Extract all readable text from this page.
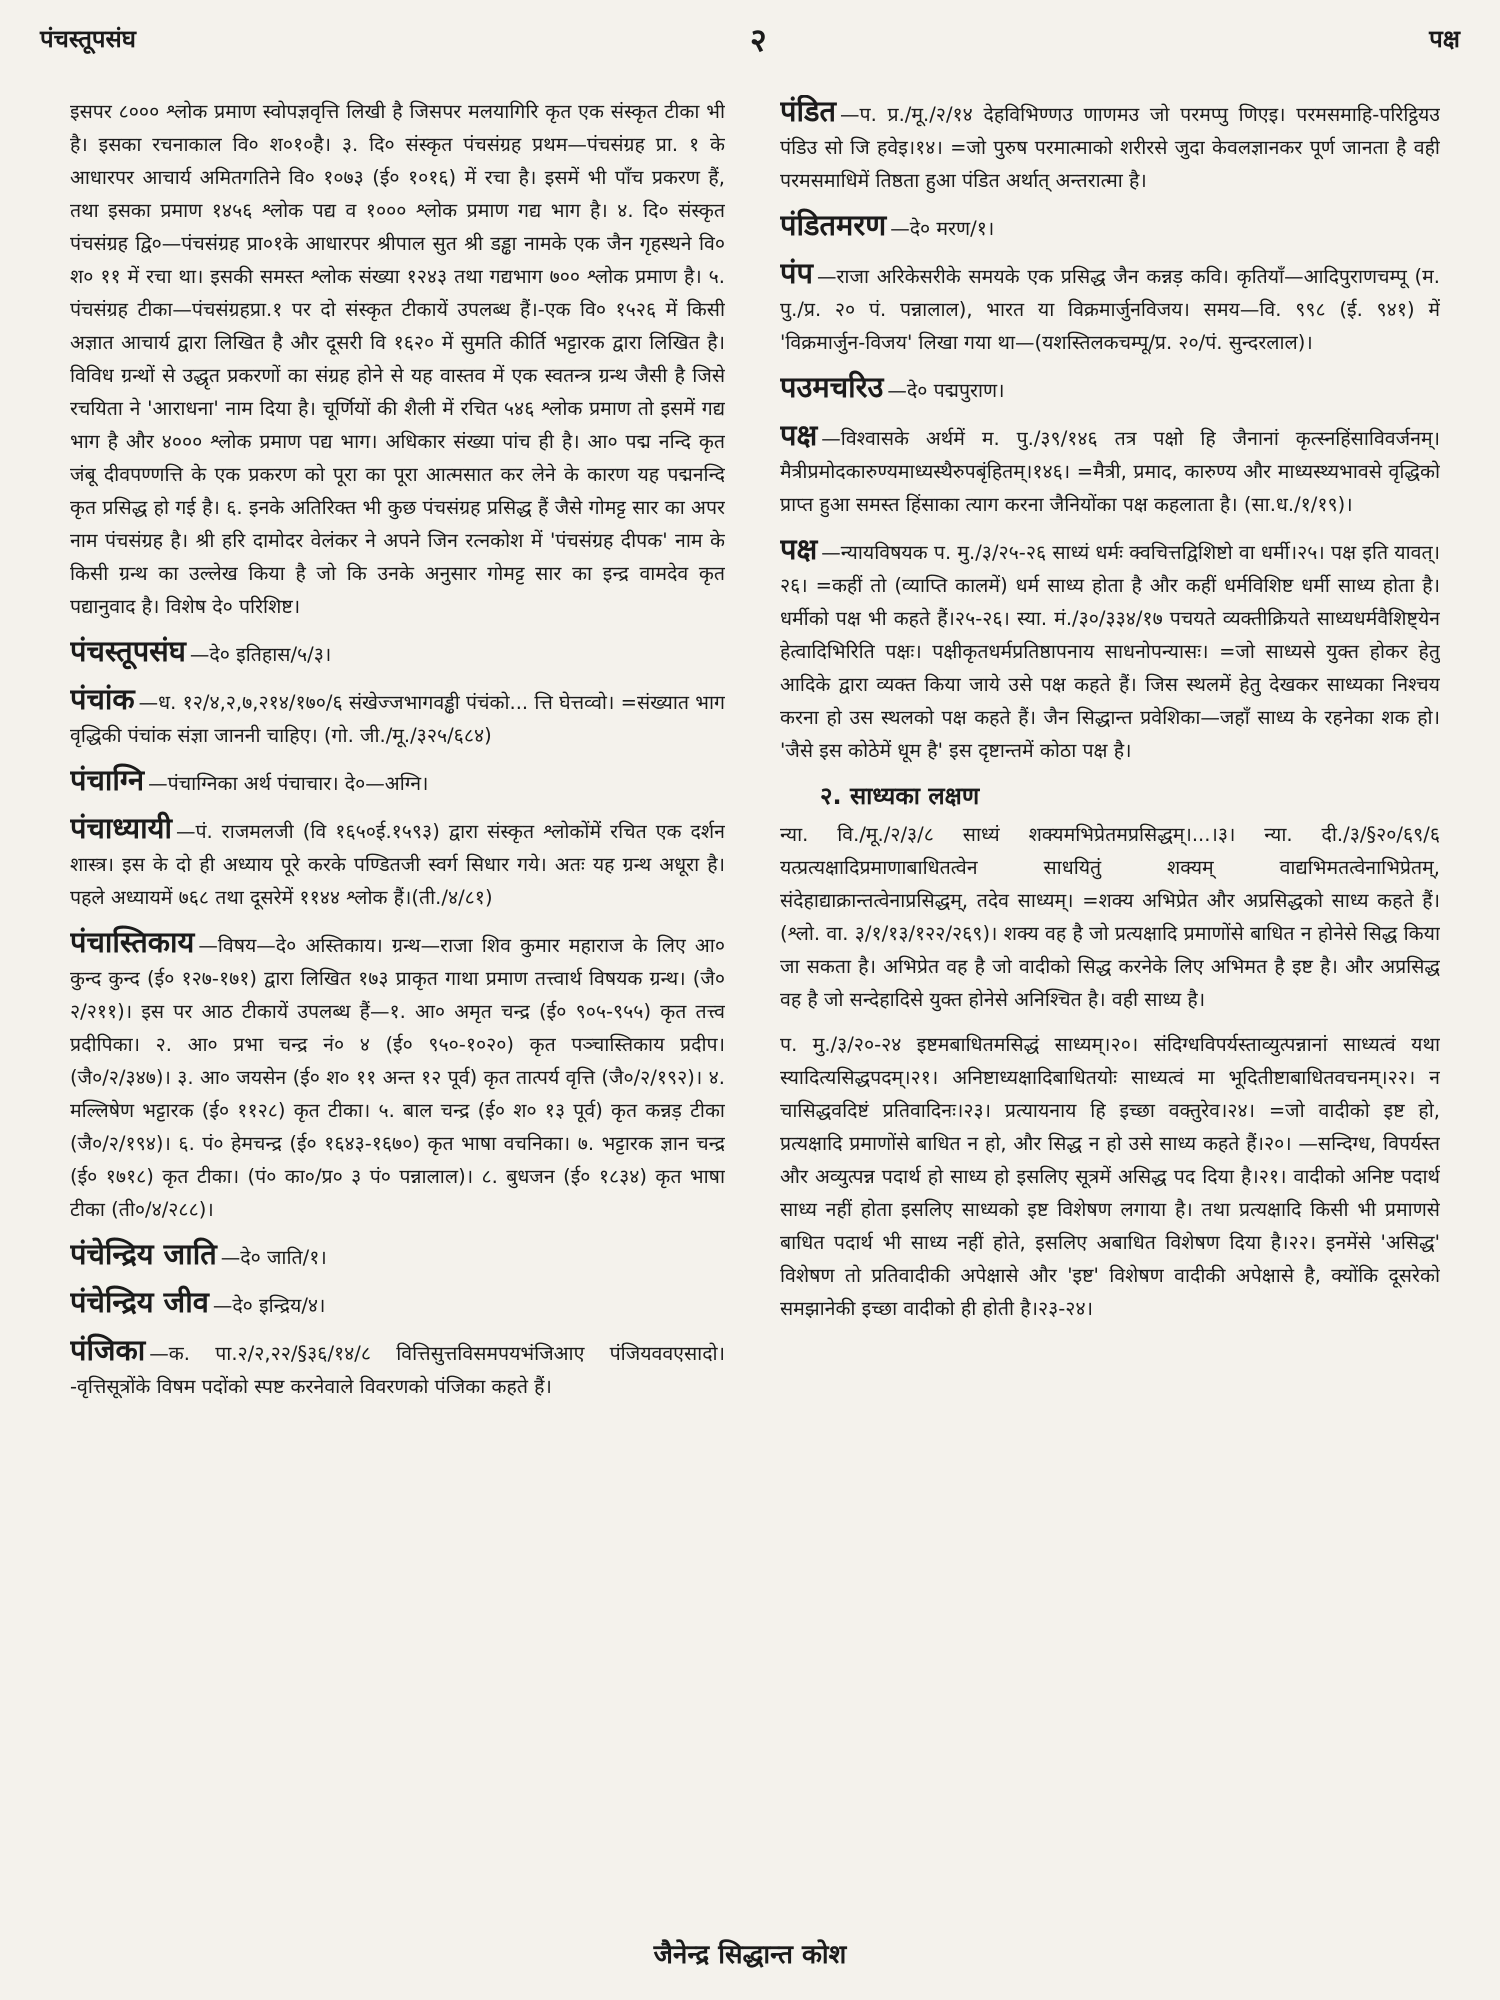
पंचस्तूपसंघ	२	पक्ष

इसपर ८००० श्लोक प्रमाण स्वोपज्ञवृत्ति लिखी है जिसपर मलयागिरि कृत एक संस्कृत टीका भी है। इसका रचनाकाल वि० श०१०है। ३. दि० संस्कृत पंचसंग्रह प्रथम—पंचसंग्रह प्रा. १ के आधारपर आचार्य अमितगतिने वि० १०७३ (ई० १०१६) में रचा है। इसमें भी पाँच प्रकरण हैं, तथा इसका प्रमाण १४५६ श्लोक पद्य व १००० श्लोक प्रमाण गद्य भाग है। ४. दि० संस्कृत पंचसंग्रह द्वि०—पंचसंग्रह प्रा०१के आधारपर श्रीपाल सुत श्री डड्ढा नामके एक जैन गृहस्थने वि० श० ११ में रचा था। इसकी समस्त श्लोक संख्या १२४३ तथा गद्यभाग ७०० श्लोक प्रमाण है। ५. पंचसंग्रह टीका—पंचसंग्रहप्रा.१ पर दो संस्कृत टीकायें उपलब्ध हैं।-एक वि० १५२६ में किसी अज्ञात आचार्य द्वारा लिखित है और दूसरी वि १६२० में सुमति कीर्ति भट्टारक द्वारा लिखित है। विविध ग्रन्थों से उद्धृत प्रकरणों का संग्रह होने से यह वास्तव में एक स्वतन्त्र ग्रन्थ जैसी है जिसे रचयिता ने 'आराधना' नाम दिया है। चूर्णियों की शैली में रचित ५४६ श्लोक प्रमाण तो इसमें गद्य भाग है और ४००० श्लोक प्रमाण पद्य भाग। अधिकार संख्या पांच ही है। आ० पद्म नन्दि कृत जंबू दीवपण्णत्ति के एक प्रकरण को पूरा का पूरा आत्मसात कर लेने के कारण यह पद्मनन्दि कृत प्रसिद्ध हो गई है। ६. इनके अतिरिक्त भी कुछ पंचसंग्रह प्रसिद्ध हैं जैसे गोमट्ट सार का अपर नाम पंचसंग्रह है। श्री हरि दामोदर वेलंकर ने अपने जिन रत्नकोश में 'पंचसंग्रह दीपक' नाम के किसी ग्रन्थ का उल्लेख किया है जो कि उनके अनुसार गोमट्ट सार का इन्द्र वामदेव कृत पद्यानुवाद है। विशेष दे० परिशिष्ट।

पंचस्तूपसंघ —दे० इतिहास/५/३।

पंचांक —ध. १२/४,२,७,२१४/१७०/६ संखेज्जभागवड्ढी पंचंको... त्ति घेत्तव्वो। =संख्यात भाग वृद्धिकी पंचांक संज्ञा जाननी चाहिए। (गो. जी./मू./३२५/६८४)

पंचाग्नि —पंचाग्निका अर्थ पंचाचार। दे०—अग्नि।

पंचाध्यायी —पं. राजमलजी (वि १६५०ई.१५९३) द्वारा संस्कृत श्लोकोंमें रचित एक दर्शन शास्त्र। इस के दो ही अध्याय पूरे करके पण्डितजी स्वर्ग सिधार गये। अतः यह ग्रन्थ अधूरा है। पहले अध्यायमें ७६८ तथा दूसरेमें ११४४ श्लोक हैं।(ती./४/८१)

पंचास्तिकाय —विषय—दे० अस्तिकाय। ग्रन्थ—राजा शिव कुमार महाराज के लिए आ० कुन्द कुन्द (ई० १२७-१७१) द्वारा लिखित १७३ प्राकृत गाथा प्रमाण तत्त्वार्थ विषयक ग्रन्थ। (जै० २/२११)। इस पर आठ टीकायें उपलब्ध हैं—१. आ० अमृत चन्द्र (ई० ९०५-९५५) कृत तत्त्व प्रदीपिका। २. आ० प्रभा चन्द्र नं० ४ (ई० ९५०-१०२०) कृत पञ्चास्तिकाय प्रदीप। (जै०/२/३४७)। ३. आ० जयसेन (ई० श० ११ अन्त १२ पूर्व) कृत तात्पर्य वृत्ति (जै०/२/१९२)। ४. मल्लिषेण भट्टारक (ई० ११२८) कृत टीका। ५. बाल चन्द्र (ई० श० १३ पूर्व) कृत कन्नड़ टीका (जै०/२/१९४)। ६. पं० हेमचन्द्र (ई० १६४३-१६७०) कृत भाषा वचनिका। ७. भट्टारक ज्ञान चन्द्र (ई० १७१८) कृत टीका। (पं० का०/प्र० ३ पं० पन्नालाल)। ८. बुधजन (ई० १८३४) कृत भाषा टीका (ती०/४/२८८)।

पंचेन्द्रिय जाति —दे० जाति/१।

पंचेन्द्रिय जीव —दे० इन्द्रिय/४।

पंजिका —क. पा.२/२,२२/§३६/१४/८ वित्तिसुत्तविसमपयभंजिआए पंजियववएसादो। -वृत्तिसूत्रोंके विषम पदोंको स्पष्ट करनेवाले विवरणको पंजिका कहते हैं।

पंडित —प. प्र./मू./२/१४ देहविभिण्णउ णाणमउ जो परमप्पु णिएइ। परमसमाहि-परिट्ठियउ पंडिउ सो जि हवेइ।१४। =जो पुरुष परमात्माको शरीरसे जुदा केवलज्ञानकर पूर्ण जानता है वही परमसमाधिमें तिष्ठता हुआ पंडित अर्थात् अन्तरात्मा है।

पंडितमरण —दे० मरण/१।

पंप —राजा अरिकेसरीके समयके एक प्रसिद्ध जैन कन्नड़ कवि। कृतियाँ—आदिपुराणचम्पू (म. पु./प्र. २० पं. पन्नालाल), भारत या विक्रमार्जुनविजय। समय—वि. ९९८ (ई. ९४१) में 'विक्रमार्जुन-विजय' लिखा गया था—(यशस्तिलकचम्पू/प्र. २०/पं. सुन्दरलाल)।

पउमचरिउ —दे० पद्मपुराण।

पक्ष —विश्वासके अर्थमें म. पु./३९/१४६ तत्र पक्षो हि जैनानां कृत्स्नहिंसाविवर्जनम्। मैत्रीप्रमोदकारुण्यमाध्यस्थैरुपबृंहितम्।१४६। =मैत्री, प्रमाद, कारुण्य और माध्यस्थ्यभावसे वृद्धिको प्राप्त हुआ समस्त हिंसाका त्याग करना जैनियोंका पक्ष कहलाता है। (सा.ध./१/१९)।

पक्ष —न्यायविषयक प. मु./३/२५-२६ साध्यं धर्मः क्वचित्तद्विशिष्टो वा धर्मी।२५। पक्ष इति यावत्।२६। =कहीं तो (व्याप्ति कालमें) धर्म साध्य होता है और कहीं धर्मविशिष्ट धर्मी साध्य होता है। धर्मीको पक्ष भी कहते हैं।२५-२६। स्या. मं./३०/३३४/१७ पचयते व्यक्तीक्रियते साध्यधर्मवैशिष्ट्येन हेत्वादिभिरिति पक्षः। पक्षीकृतधर्मप्रतिष्ठापनाय साधनोपन्यासः। =जो साध्यसे युक्त होकर हेतु आदिके द्वारा व्यक्त किया जाये उसे पक्ष कहते हैं। जिस स्थलमें हेतु देखकर साध्यका निश्चय करना हो उस स्थलको पक्ष कहते हैं। जैन सिद्धान्त प्रवेशिका—जहाँ साध्य के रहनेका शक हो। 'जैसे इस कोठेमें धूम है' इस दृष्टान्तमें कोठा पक्ष है।

२. साध्यका लक्षण

न्या. वि./मू./२/३/८ साध्यं शक्यमभिप्रेतमप्रसिद्धम्।...।३। न्या. दी./३/§२०/६९/६ यत्प्रत्यक्षादिप्रमाणाबाधितत्वेन साधयितुं शक्यम् वाद्यभिमतत्वेनाभिप्रेतम्, संदेहाद्याक्रान्तत्वेनाप्रसिद्धम्, तदेव साध्यम्। =शक्य अभिप्रेत और अप्रसिद्धको साध्य कहते हैं। (श्लो. वा. ३/१/१३/१२२/२६९)। शक्य वह है जो प्रत्यक्षादि प्रमाणोंसे बाधित न होनेसे सिद्ध किया जा सकता है। अभिप्रेत वह है जो वादीको सिद्ध करनेके लिए अभिमत है इष्ट है। और अप्रसिद्ध वह है जो सन्देहादिसे युक्त होनेसे अनिश्चित है। वही साध्य है।

प. मु./३/२०-२४ इष्टमबाधितमसिद्धं साध्यम्।२०। संदिग्धविपर्यस्ताव्युत्पन्नानां साध्यत्वं यथा स्यादित्यसिद्धपदम्।२१। अनिष्टाध्यक्षादिबाधितयोः साध्यत्वं मा भूदितीष्टाबाधितवचनम्।२२। न चासिद्धवदिष्टं प्रतिवादिनः।२३। प्रत्यायनाय हि इच्छा वक्तुरेव।२४। =जो वादीको इष्ट हो, प्रत्यक्षादि प्रमाणोंसे बाधित न हो, और सिद्ध न हो उसे साध्य कहते हैं।२०। —सन्दिग्ध, विपर्यस्त और अव्युत्पन्न पदार्थ हो साध्य हो इसलिए सूत्रमें असिद्ध पद दिया है।२१। वादीको अनिष्ट पदार्थ साध्य नहीं होता इसलिए साध्यको इष्ट विशेषण लगाया है। तथा प्रत्यक्षादि किसी भी प्रमाणसे बाधित पदार्थ भी साध्य नहीं होते, इसलिए अबाधित विशेषण दिया है।२२। इनमेंसे 'असिद्ध' विशेषण तो प्रतिवादीकी अपेक्षासे और 'इष्ट' विशेषण वादीकी अपेक्षासे है, क्योंकि दूसरेको समझानेकी इच्छा वादीको ही होती है।२३-२४।

जैनेन्द्र सिद्धान्त कोश
